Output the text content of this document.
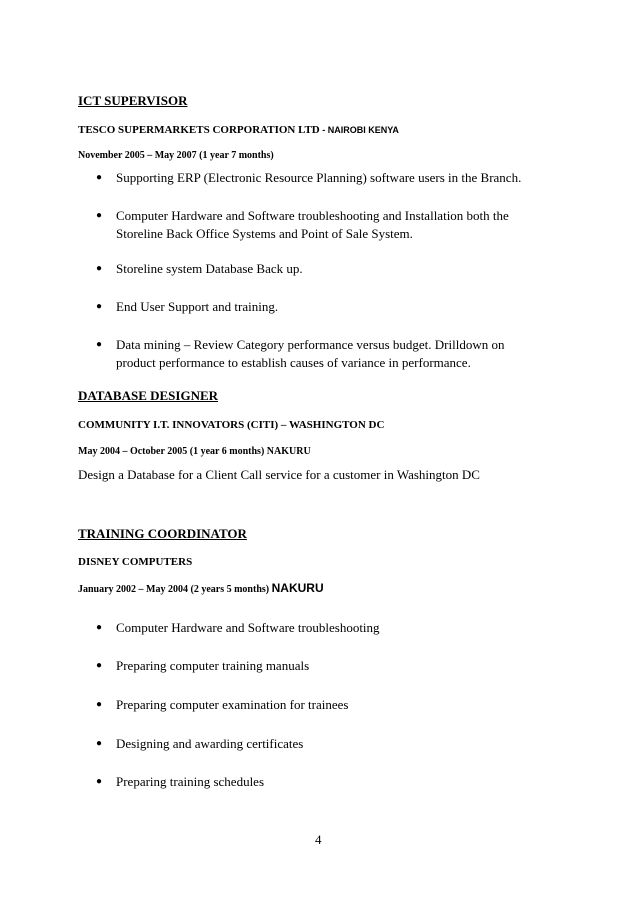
ICT SUPERVISOR

TESCO SUPERMARKETS CORPORATION LTD - NAIROBI KENYA

November 2005 – May 2007 (1 year 7 months)

● Supporting ERP (Electronic Resource Planning) software users in the Branch.
● Computer Hardware and Software troubleshooting and Installation both the Storeline Back Office Systems and Point of Sale System.
● Storeline system Database Back up.
● End User Support and training.
● Data mining – Review Category performance versus budget. Drilldown on product performance to establish causes of variance in performance.

DATABASE DESIGNER

COMMUNITY I.T. INNOVATORS (CITI) – WASHINGTON DC

May 2004 – October 2005 (1 year 6 months) NAKURU

Design a Database for a Client Call service for a customer in Washington DC

TRAINING COORDINATOR

DISNEY COMPUTERS

January 2002 – May 2004 (2 years 5 months) NAKURU

● Computer Hardware and Software troubleshooting
● Preparing computer training manuals
● Preparing computer examination for trainees
● Designing and awarding certificates
● Preparing training schedules

4
